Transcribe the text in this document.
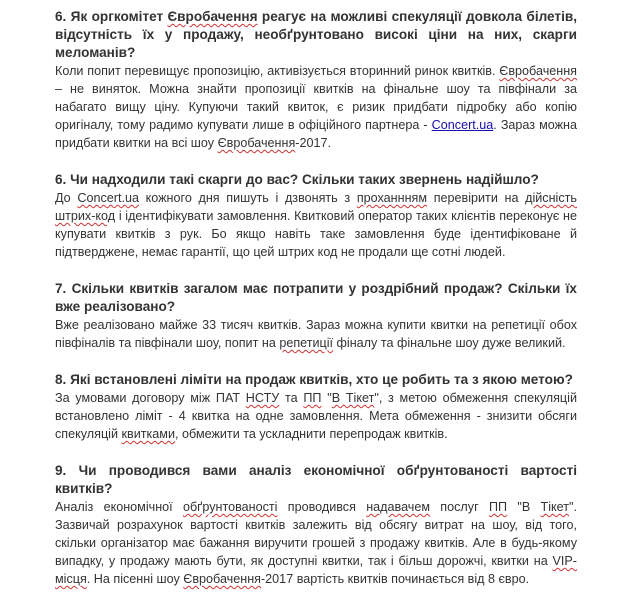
6. Як оргкомітет Євробачення реагує на можливі спекуляції довкола білетів, відсутність їх у продажу, необґрунтовано високі ціни на них, скарги меломанів?

Коли попит перевищує пропозицію, активізується вторинний ринок квитків. Євробачення – не виняток. Можна знайти пропозиції квитків на фінальне шоу та півфінали за набагато вищу ціну. Купуючи такий квиток, є ризик придбати підробку або копію оригіналу, тому радимо купувати лише в офіційного партнера - Concert.ua. Зараз можна придбати квитки на всі шоу Євробачення-2017.

6. Чи надходили такі скарги до вас? Скільки таких звернень надійшло?

До Concert.ua кожного дня пишуть і дзвонять з проханнням перевірити на дійсність штрих-код і ідентифікувати замовлення. Квитковий оператор таких клієнтів переконує не купувати квитків з рук. Бо якщо навіть таке замовлення буде ідентифіковане й підтверджене, немає гарантії, що цей штрих код не продали ще сотні людей.

7. Скільки квитків загалом має потрапити у роздрібний продаж? Скільки їх вже реалізовано?

Вже реалізовано майже 33 тисяч квитків. Зараз можна купити квитки на репетиції обох півфіналів та півфінали шоу, попит на репетиції фіналу та фінальне шоу дуже великий.

8. Які встановлені ліміти на продаж квитків, хто це робить та з якою метою?

За умовами договору між ПАТ НСТУ та ПП "В Тікет", з метою обмеження спекуляцій встановлено ліміт - 4 квитка на одне замовлення. Мета обмеження - знизити обсяги спекуляцій квитками, обмежити та ускладнити перепродаж квитків.

9. Чи проводився вами аналіз економічної обґрунтованості вартості квитків?

Аналіз економічної обґрунтованості проводився надавачем послуг ПП "В Тікет". Зазвичай розрахунок вартості квитків залежить від обсягу витрат на шоу, від того, скільки організатор має бажання виручити грошей з продажу квитків. Але в будь-якому випадку, у продажу мають бути, як доступні квитки, так і більш дорожчі, квитки на VIP-місця. На пісенні шоу Євробачення-2017 вартість квитків починається від 8 євро.
